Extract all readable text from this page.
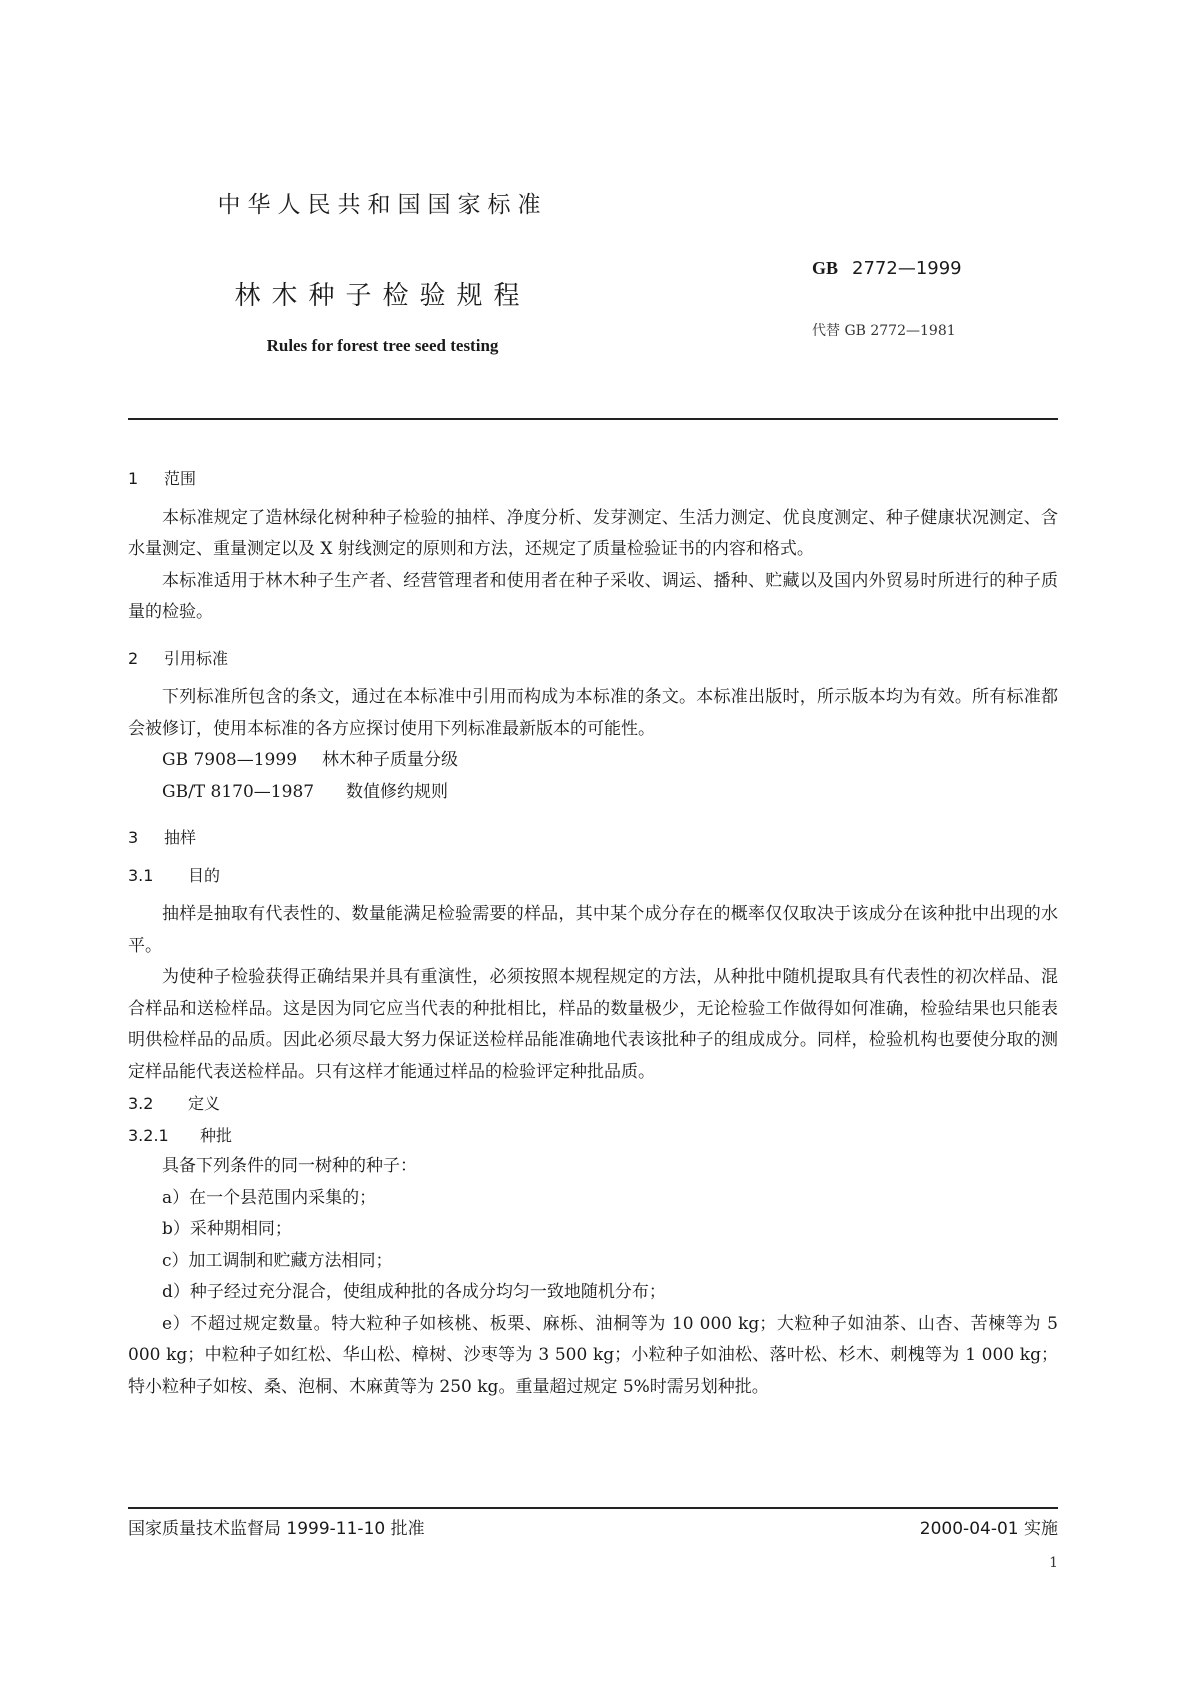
中华人民共和国国家标准
林木种子检验规程
Rules for forest tree seed testing
GB 2772—1999
代替 GB 2772—1981

1 范围

本标准规定了造林绿化树种种子检验的抽样、净度分析、发芽测定、生活力测定、优良度测定、种子健康状况测定、含水量测定、重量测定以及 X 射线测定的原则和方法，还规定了质量检验证书的内容和格式。

本标准适用于林木种子生产者、经营管理者和使用者在种子采收、调运、播种、贮藏以及国内外贸易时所进行的种子质量的检验。

2 引用标准

下列标准所包含的条文，通过在本标准中引用而构成为本标准的条文。本标准出版时，所示版本均为有效。所有标准都会被修订，使用本标准的各方应探讨使用下列标准最新版本的可能性。

GB 7908—1999 林木种子质量分级

GB/T 8170—1987 数值修约规则

3 抽样

3.1 目的

抽样是抽取有代表性的、数量能满足检验需要的样品，其中某个成分存在的概率仅仅取决于该成分在该种批中出现的水平。

为使种子检验获得正确结果并具有重演性，必须按照本规程规定的方法，从种批中随机提取具有代表性的初次样品、混合样品和送检样品。这是因为同它应当代表的种批相比，样品的数量极少，无论检验工作做得如何准确，检验结果也只能表明供检样品的品质。因此必须尽最大努力保证送检样品能准确地代表该批种子的组成成分。同样，检验机构也要使分取的测定样品能代表送检样品。只有这样才能通过样品的检验评定种批品质。

3.2 定义

3.2.1 种批

具备下列条件的同一树种的种子：

a）在一个县范围内采集的；

b）采种期相同；

c）加工调制和贮藏方法相同；

d）种子经过充分混合，使组成种批的各成分均匀一致地随机分布；

e）不超过规定数量。特大粒种子如核桃、板栗、麻栎、油桐等为 10 000 kg；大粒种子如油茶、山杏、苦楝等为 5 000 kg；中粒种子如红松、华山松、樟树、沙枣等为 3 500 kg；小粒种子如油松、落叶松、杉木、刺槐等为 1 000 kg；特小粒种子如桉、桑、泡桐、木麻黄等为 250 kg。重量超过规定 5%时需另划种批。

国家质量技术监督局 1999-11-10 批准	2000-04-01 实施
1
